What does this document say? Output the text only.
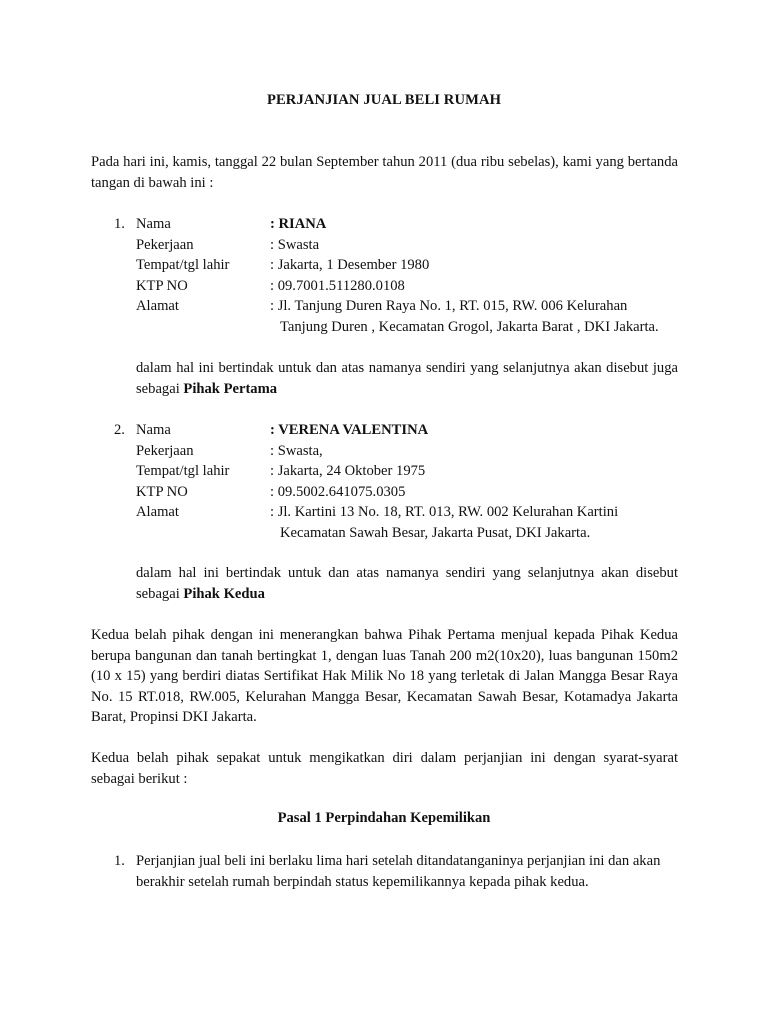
PERJANJIAN JUAL BELI RUMAH

Pada hari ini, kamis, tanggal 22 bulan September tahun 2011 (dua ribu sebelas), kami yang bertanda tangan di bawah ini :

1. Nama	: RIANA
Pekerjaan	: Swasta
Tempat/tgl lahir	: Jakarta, 1 Desember 1980
KTP NO	: 09.7001.511280.0108
Alamat	: Jl. Tanjung Duren Raya No. 1, RT. 015, RW. 006 Kelurahan
Tanjung Duren , Kecamatan Grogol, Jakarta Barat , DKI Jakarta.

dalam hal ini bertindak untuk dan atas namanya sendiri yang selanjutnya akan disebut juga sebagai Pihak Pertama

2. Nama	: VERENA VALENTINA
Pekerjaan	: Swasta,
Tempat/tgl lahir	: Jakarta, 24 Oktober 1975
KTP NO	: 09.5002.641075.0305
Alamat	: Jl. Kartini 13 No. 18, RT. 013, RW. 002 Kelurahan Kartini
Kecamatan Sawah Besar, Jakarta Pusat, DKI Jakarta.

dalam hal ini bertindak untuk dan atas namanya sendiri yang selanjutnya akan disebut sebagai Pihak Kedua

Kedua belah pihak dengan ini menerangkan bahwa Pihak Pertama menjual kepada Pihak Kedua berupa bangunan dan tanah bertingkat 1, dengan luas Tanah 200 m2(10x20), luas bangunan 150m2 (10 x 15) yang berdiri diatas Sertifikat Hak Milik No 18 yang terletak di Jalan Mangga Besar Raya No. 15 RT.018, RW.005, Kelurahan Mangga Besar, Kecamatan Sawah Besar, Kotamadya Jakarta Barat, Propinsi DKI Jakarta.

Kedua belah pihak sepakat untuk mengikatkan diri dalam perjanjian ini dengan syarat-syarat sebagai berikut :

Pasal 1 Perpindahan Kepemilikan
1. Perjanjian jual beli ini berlaku lima hari setelah ditandatanganinya perjanjian ini dan akan berakhir setelah rumah berpindah status kepemilikannya kepada pihak kedua.
